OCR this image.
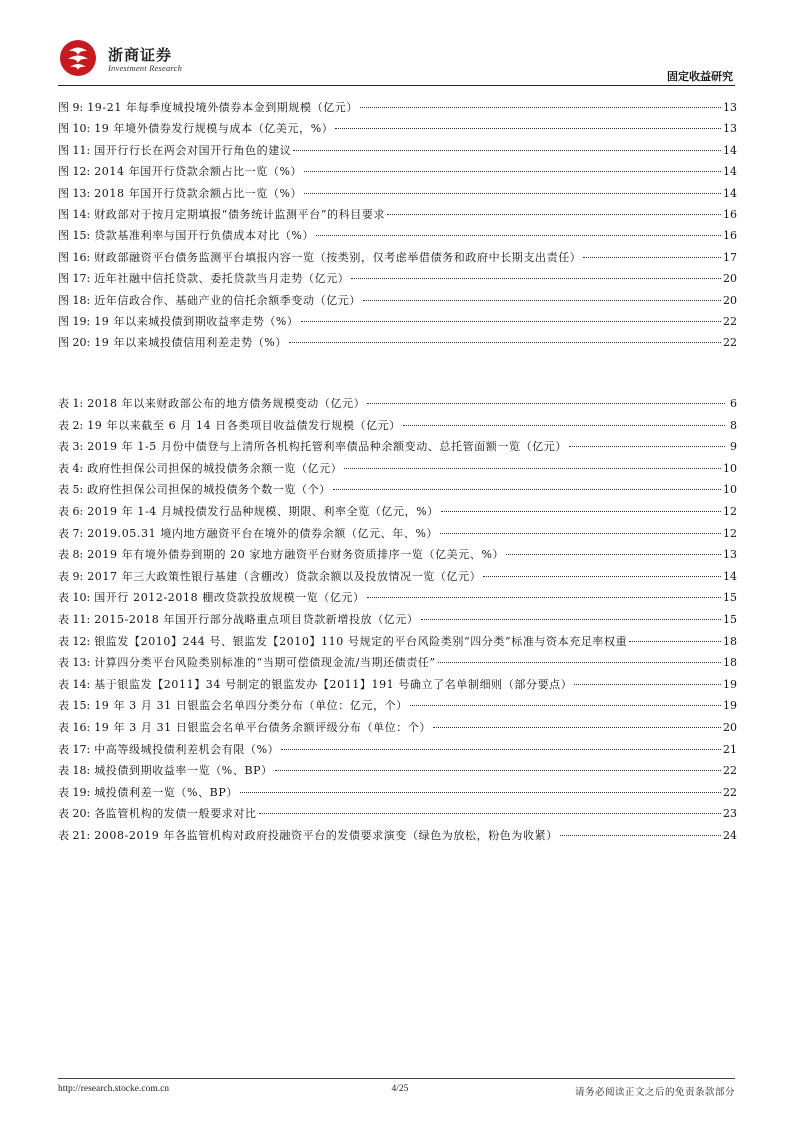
浙商证券
Investment Research
固定收益研究
图 9: 19-21 年每季度城投境外债券本金到期规模（亿元）	13
图 10: 19 年境外债券发行规模与成本（亿美元，%）	13
图 11: 国开行行长在两会对国开行角色的建议	14
图 12: 2014 年国开行贷款余额占比一览（%）	14
图 13: 2018 年国开行贷款余额占比一览（%）	14
图 14: 财政部对于按月定期填报“债务统计监测平台”的科目要求	16
图 15: 贷款基准利率与国开行负债成本对比（%）	16
图 16: 财政部融资平台债务监测平台填报内容一览（按类别，仅考虑举借债务和政府中长期支出责任）	17
图 17: 近年社融中信托贷款、委托贷款当月走势（亿元）	20
图 18: 近年信政合作、基础产业的信托余额季变动（亿元）	20
图 19: 19 年以来城投债到期收益率走势（%）	22
图 20: 19 年以来城投债信用利差走势（%）	22
表 1: 2018 年以来财政部公布的地方债务规模变动（亿元）	6
表 2: 19 年以来截至 6 月 14 日各类项目收益债发行规模（亿元）	8
表 3: 2019 年 1-5 月份中债登与上清所各机构托管利率债品种余额变动、总托管面额一览（亿元）	9
表 4: 政府性担保公司担保的城投债务余额一览（亿元）	10
表 5: 政府性担保公司担保的城投债务个数一览（个）	10
表 6: 2019 年 1-4 月城投债发行品种规模、期限、利率全览（亿元，%）	12
表 7: 2019.05.31 境内地方融资平台在境外的债券余额（亿元、年、%）	12
表 8: 2019 年有境外债券到期的 20 家地方融资平台财务资质排序一览（亿美元、%）	13
表 9: 2017 年三大政策性银行基建（含棚改）贷款余额以及投放情况一览（亿元）	14
表 10: 国开行 2012-2018 棚改贷款投放规模一览（亿元）	15
表 11: 2015-2018 年国开行部分战略重点项目贷款新增投放（亿元）	15
表 12: 银监发【2010】244 号、银监发【2010】110 号规定的平台风险类别“四分类”标准与资本充足率权重	18
表 13: 计算四分类平台风险类别标准的“当期可偿债现金流/当期还债责任”	18
表 14: 基于银监发【2011】34 号制定的银监发办【2011】191 号确立了名单制细则（部分要点）	19
表 15: 19 年 3 月 31 日银监会名单四分类分布（单位：亿元，个）	19
表 16: 19 年 3 月 31 日银监会名单平台债务余额评级分布（单位：个）	20
表 17: 中高等级城投债利差机会有限（%）	21
表 18: 城投债到期收益率一览（%、BP）	22
表 19: 城投债利差一览（%、BP）	22
表 20: 各监管机构的发债一般要求对比	23
表 21: 2008-2019 年各监管机构对政府投融资平台的发债要求演变（绿色为放松，粉色为收紧）	24
http://research.stocke.com.cn	4/25	请务必阅读正文之后的免责条款部分
